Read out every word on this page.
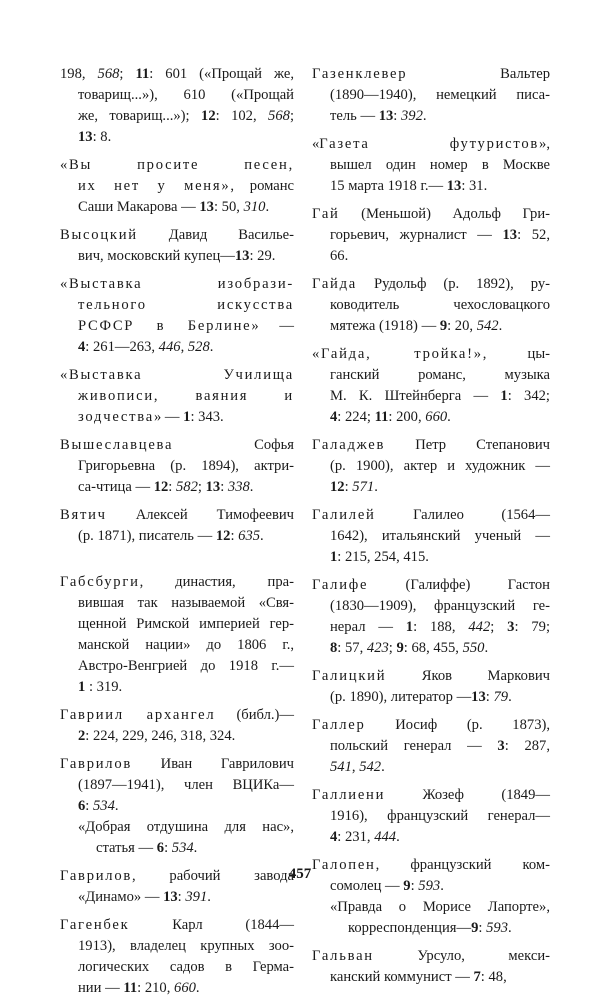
198, 568; 11: 601 («Прощай же,
товарищ...»), 610 («Прощай
же, товарищ...»); 12: 102, 568;
13: 8.
«Вы просите песен,
их нет у меня», романс
Саши Макарова — 13: 50, 310.
Высоцкий Давид Василье-
вич, московский купец—13: 29.
«Выставка изобрази-
тельного искусства
РСФСР в Берлине» —
4: 261—263, 446, 528.
«Выставка Училища
живописи, ваяния и
зодчества» — 1: 343.
Вышеславцева Софья
Григорьевна (р. 1894), актри-
са-чтица — 12: 582; 13: 338.
Вятич Алексей Тимофеевич
(р. 1871), писатель — 12: 635.
Габсбурги, династия, пра-
вившая так называемой «Свя-
щенной Римской империей гер-
манской нации» до 1806 г.,
Австро-Венгрией до 1918 г.—
1 : 319.
Гавриил архангел (библ.)—
2: 224, 229, 246, 318, 324.
Гаврилов Иван Гаврилович
(1897—1941), член ВЦИКа—
6: 534.
«Добрая отдушина для нас»,
статья — 6: 534.
Гаврилов, рабочий завода
«Динамо» — 13: 391.
Гагенбек Карл (1844—
1913), владелец крупных зоо-
логических садов в Герма-
нии — 11: 210, 660.
Газенклевер Вальтер
(1890—1940), немецкий писа-
тель — 13: 392.
«Газета футуристов»,
вышел один номер в Москве
15 марта 1918 г.— 13: 31.
Гай (Меньшой) Адольф Гри-
горьевич, журналист — 13: 52,
66.
Гайда Рудольф (р. 1892), ру-
ководитель чехословацкого
мятежа (1918) — 9: 20, 542.
«Гайда, тройка!», цы-
ганский романс, музыка
М. К. Штейнберга — 1: 342;
4: 224; 11: 200, 660.
Галаджев Петр Степанович
(р. 1900), актер и художник —
12: 571.
Галилей Галилео (1564—
1642), итальянский ученый —
1: 215, 254, 415.
Галифе (Галиффе) Гастон
(1830—1909), французский ге-
нерал — 1: 188, 442; 3: 79;
8: 57, 423; 9: 68, 455, 550.
Галицкий Яков Маркович
(р. 1890), литератор —13: 79.
Галлер Иосиф (р. 1873),
польский генерал — 3: 287,
541, 542.
Галлиени Жозеф (1849—
1916), французский генерал—
4: 231, 444.
Галопен, французский ком-
сомолец — 9: 593.
«Правда о Морисе Лапорте»,
корреспонденция—9: 593.
Гальван Урсуло, мекси-
канский коммунист — 7: 48,
457
